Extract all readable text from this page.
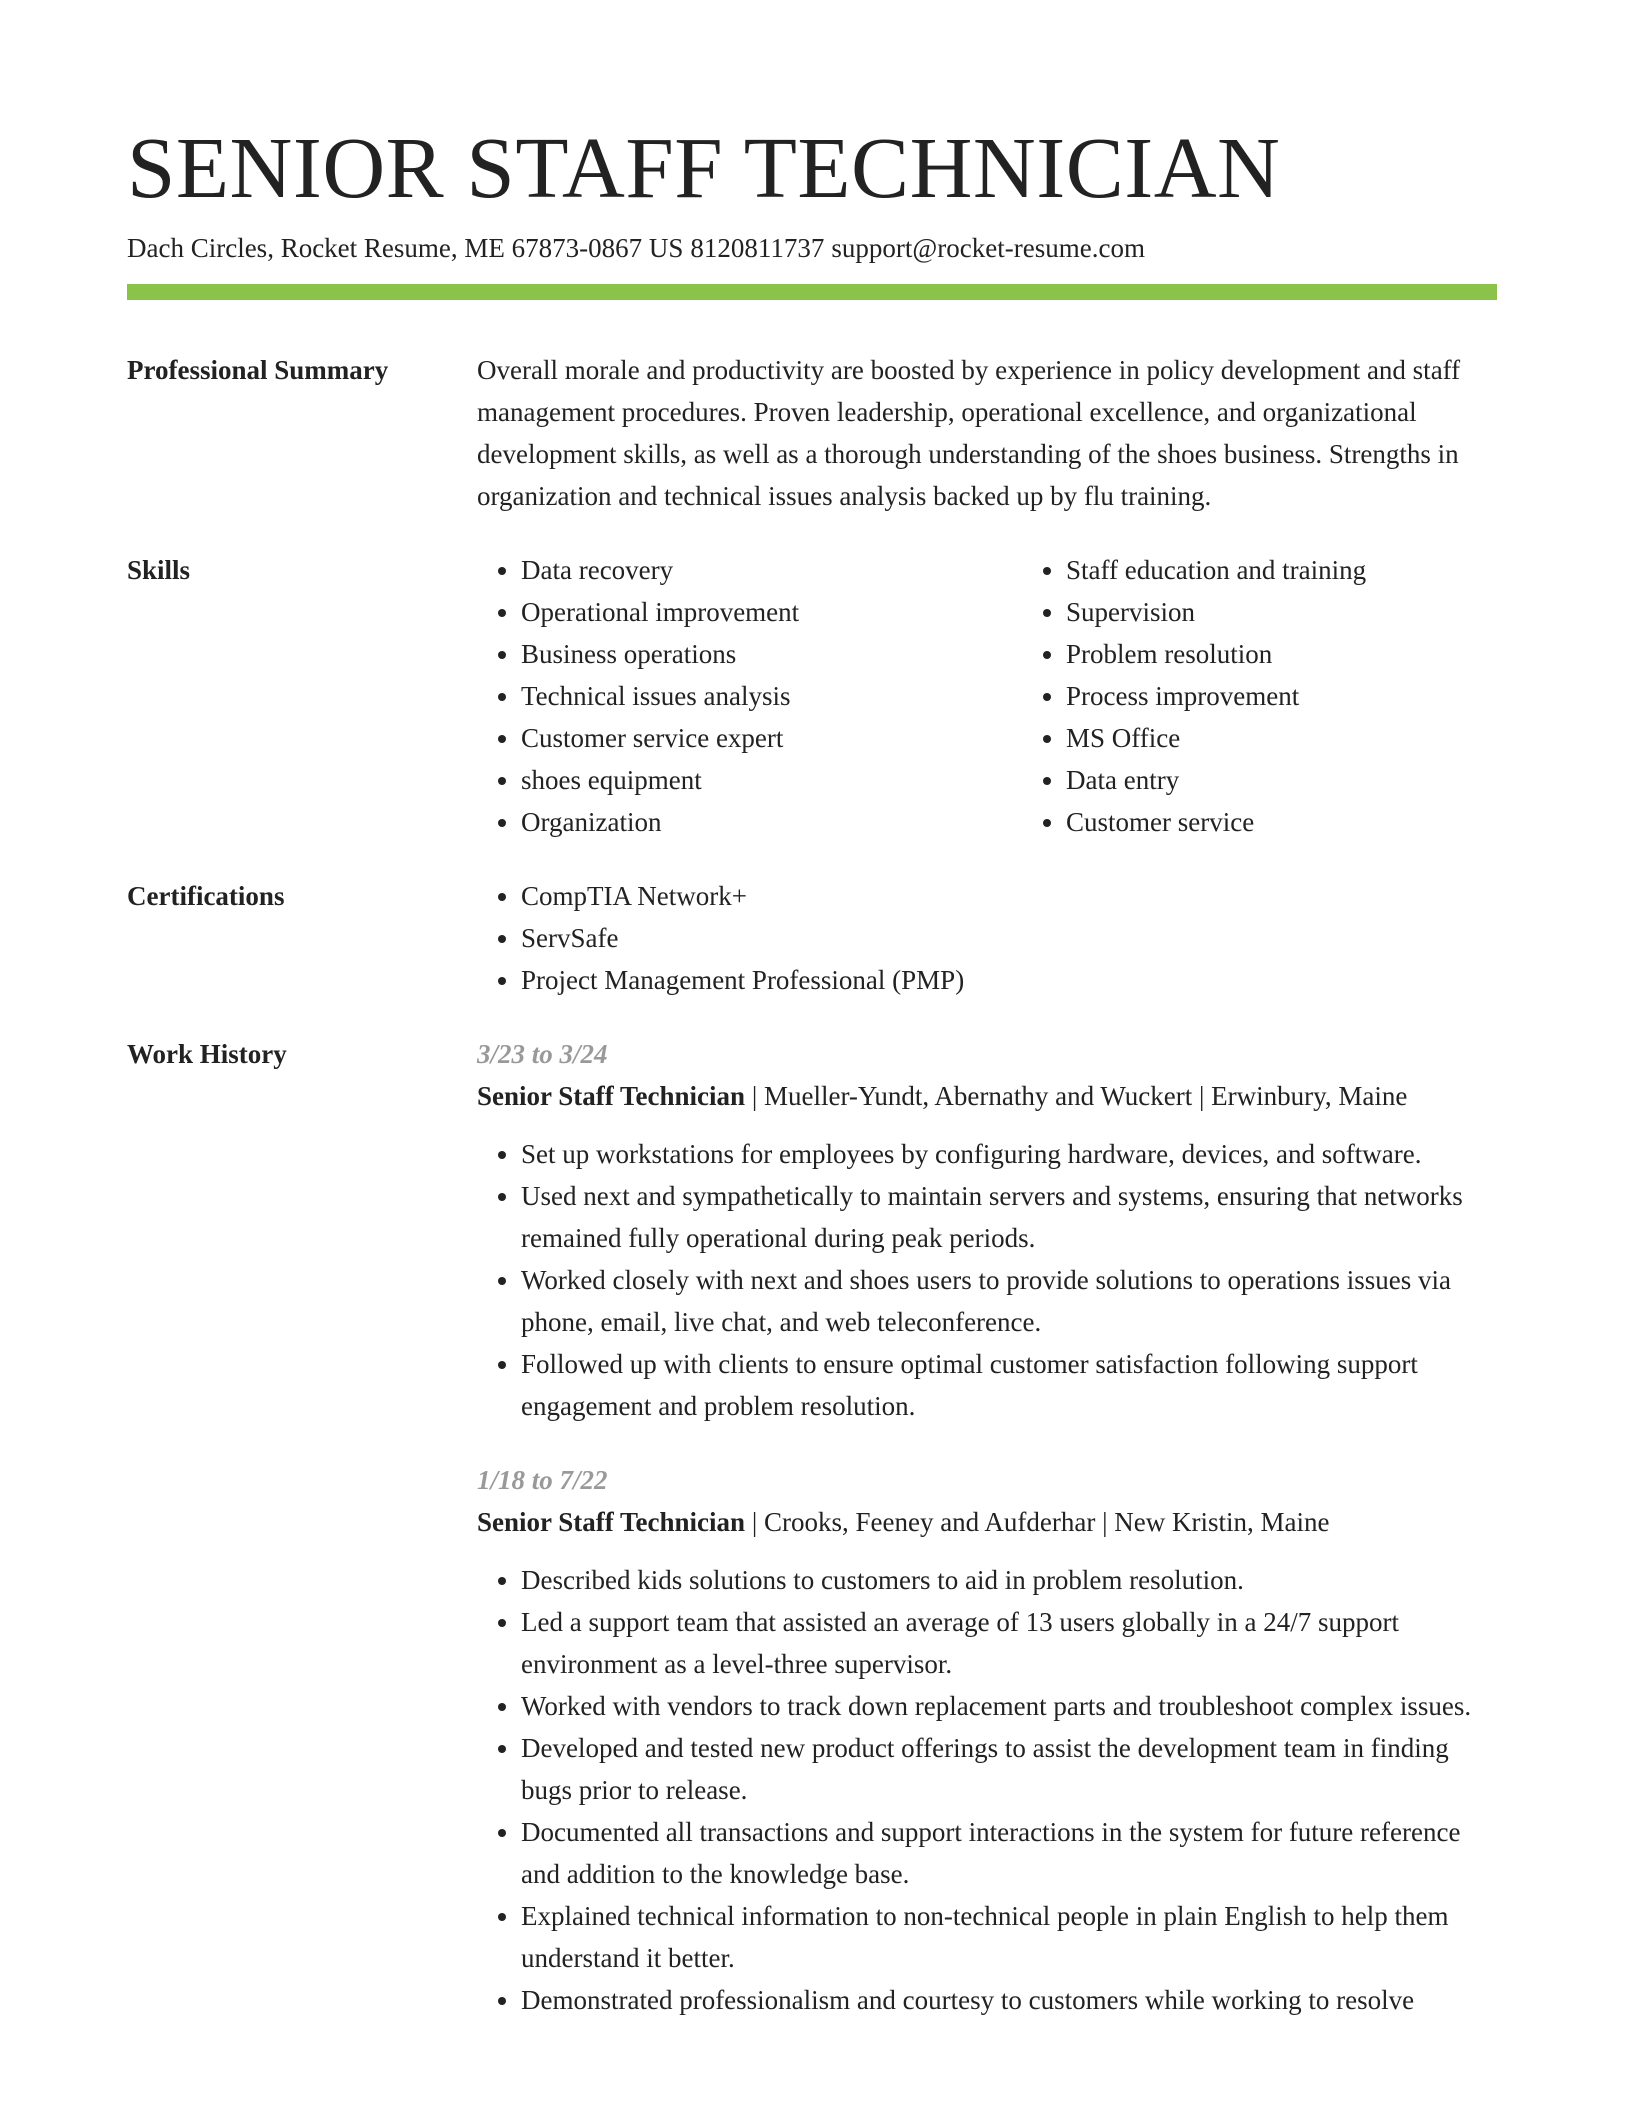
SENIOR STAFF TECHNICIAN
Dach Circles, Rocket Resume, ME 67873-0867 US 8120811737 support@rocket-resume.com
Professional Summary	Overall morale and productivity are boosted by experience in policy development and staff management procedures. Proven leadership, operational excellence, and organizational development skills, as well as a thorough understanding of the shoes business. Strengths in organization and technical issues analysis backed up by flu training.

Skills	• Data recovery
• Operational improvement
• Business operations
• Technical issues analysis
• Customer service expert
• shoes equipment
• Organization
• Staff education and training
• Supervision
• Problem resolution
• Process improvement
• MS Office
• Data entry
• Customer service
Certifications	• CompTIA Network+
• ServSafe
• Project Management Professional (PMP)
Work History	3/23 to 3/24
Senior Staff Technician | Mueller-Yundt, Abernathy and Wuckert | Erwinbury, Maine
• Set up workstations for employees by configuring hardware, devices, and software.
• Used next and sympathetically to maintain servers and systems, ensuring that networks remained fully operational during peak periods.
• Worked closely with next and shoes users to provide solutions to operations issues via phone, email, live chat, and web teleconference.
• Followed up with clients to ensure optimal customer satisfaction following support engagement and problem resolution.
1/18 to 7/22
Senior Staff Technician | Crooks, Feeney and Aufderhar | New Kristin, Maine
• Described kids solutions to customers to aid in problem resolution.
• Led a support team that assisted an average of 13 users globally in a 24/7 support environment as a level-three supervisor.
• Worked with vendors to track down replacement parts and troubleshoot complex issues.
• Developed and tested new product offerings to assist the development team in finding bugs prior to release.
• Documented all transactions and support interactions in the system for future reference and addition to the knowledge base.
• Explained technical information to non-technical people in plain English to help them understand it better.
• Demonstrated professionalism and courtesy to customers while working to resolve
